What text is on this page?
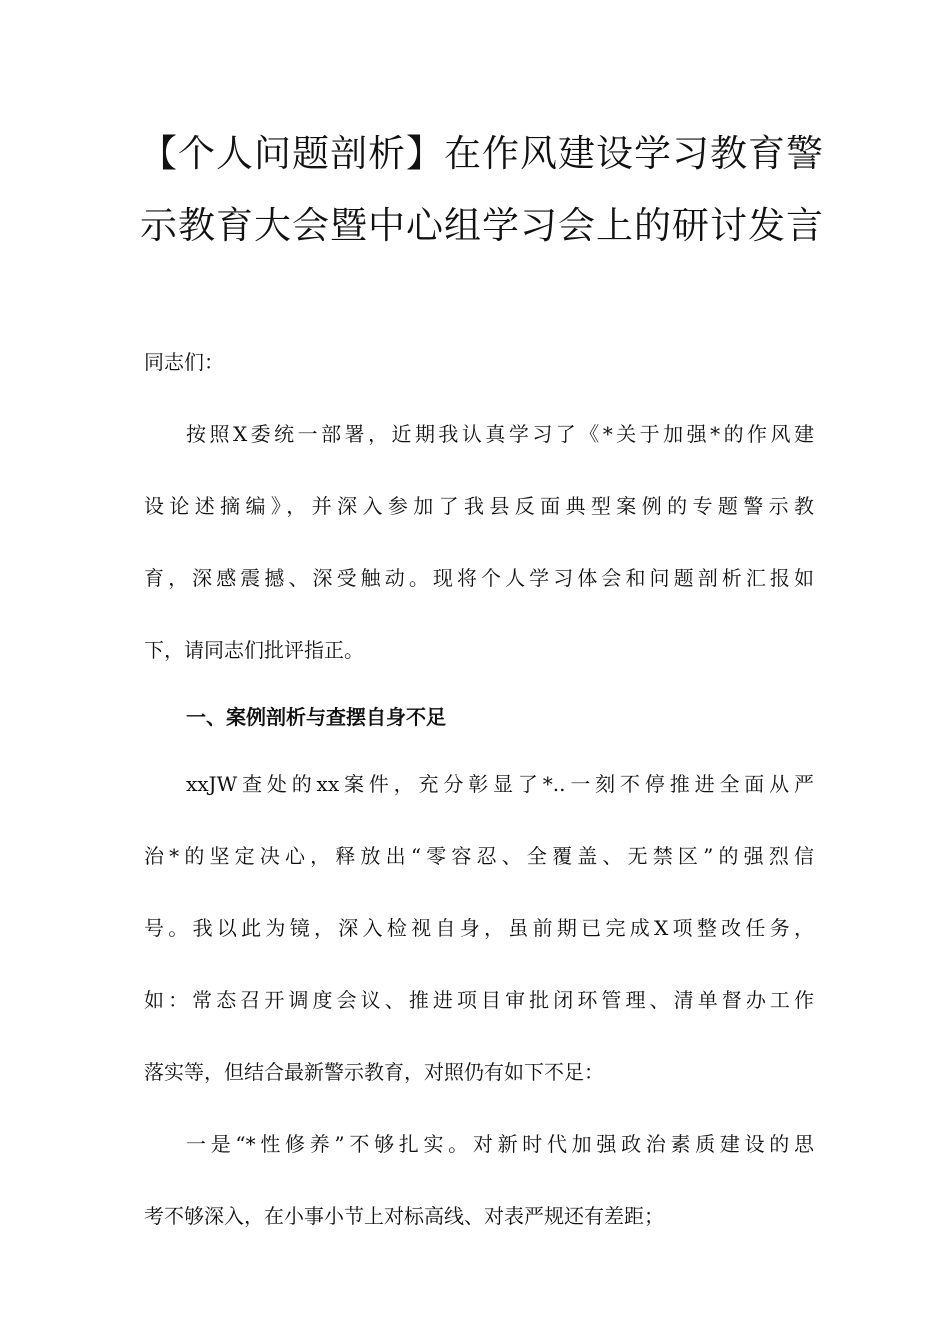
【个人问题剖析】在作风建设学习教育警
示教育大会暨中心组学习会上的研讨发言
同志们：
按照X委统一部署，近期我认真学习了《*关于加强*的作风建
设论述摘编》，并深入参加了我县反面典型案例的专题警示教
育，深感震撼、深受触动。现将个人学习体会和问题剖析汇报如
下，请同志们批评指正。
一、案例剖析与查摆自身不足
xxJW查处的xx案件，充分彰显了*..一刻不停推进全面从严
治*的坚定决心，释放出“零容忍、全覆盖、无禁区”的强烈信
号。我以此为镜，深入检视自身，虽前期已完成X项整改任务，
如：常态召开调度会议、推进项目审批闭环管理、清单督办工作
落实等，但结合最新警示教育，对照仍有如下不足：
一是“*性修养”不够扎实。对新时代加强政治素质建设的思
考不够深入，在小事小节上对标高线、对表严规还有差距；
